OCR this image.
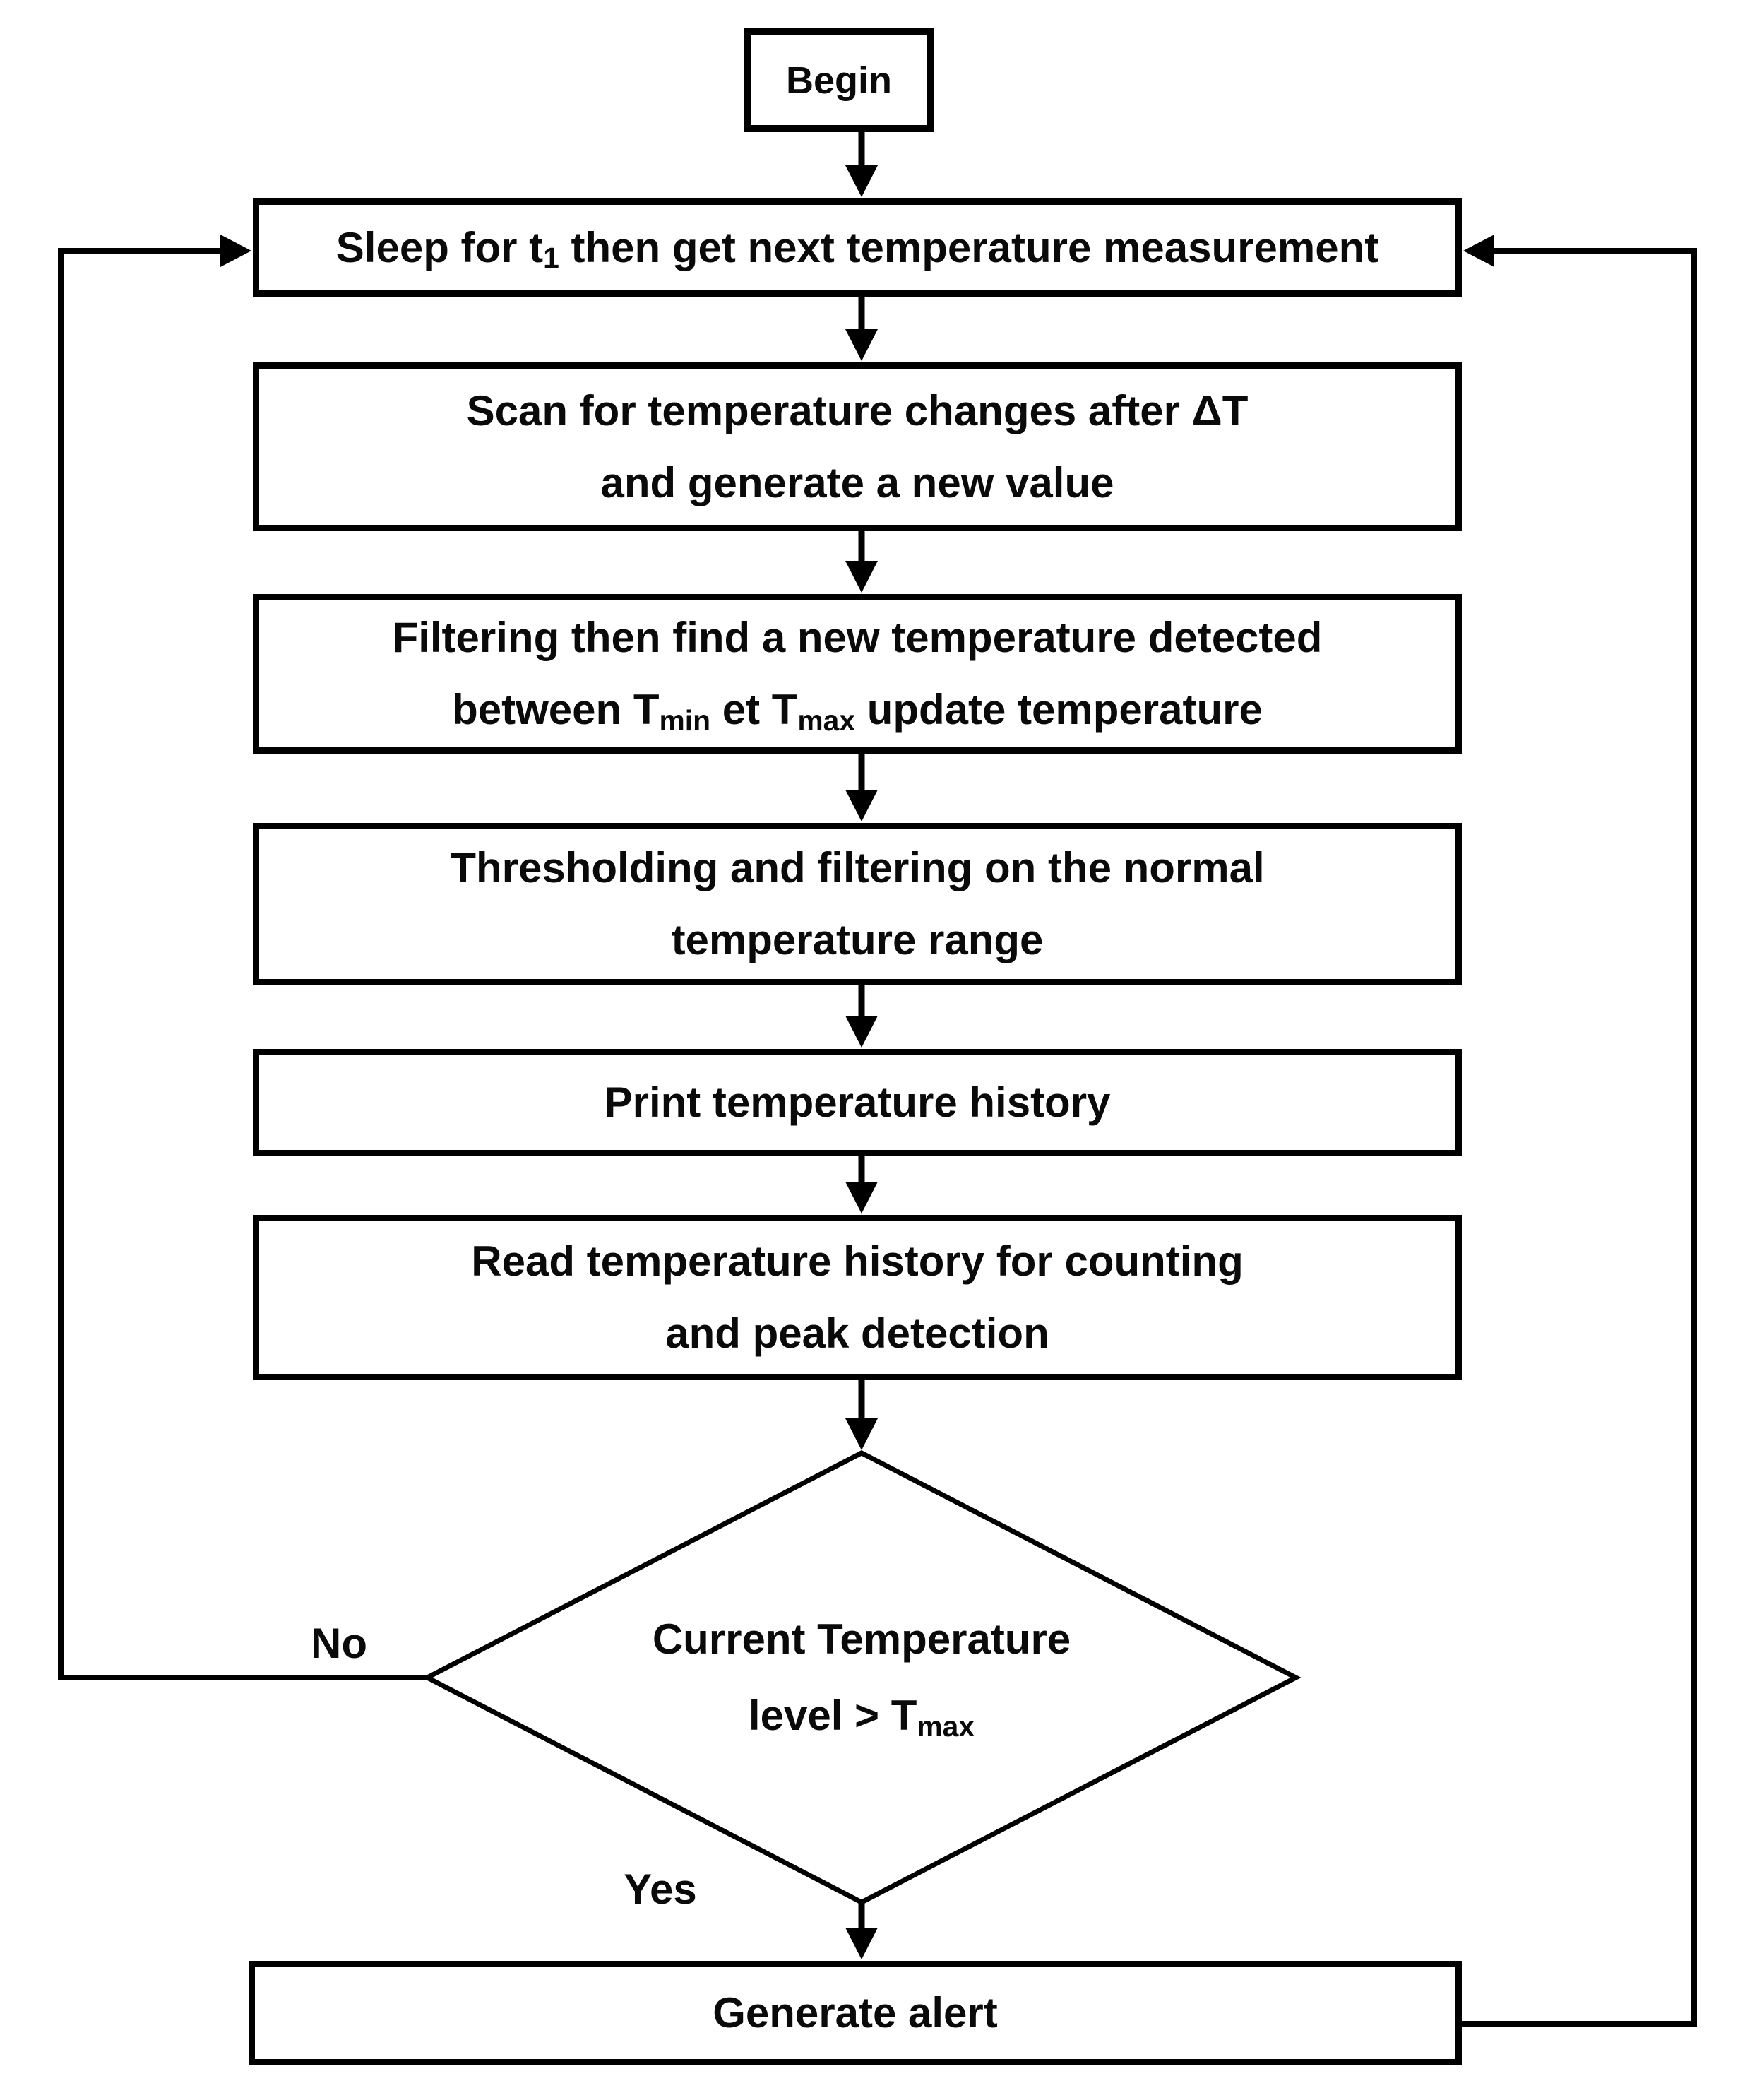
Begin
Sleep for $t_1$ then get next temperature measurement
Scan for temperature changes after ΔT
and generate a new value
Filtering then find a new temperature detected
between $T_{min}$ et $T_{max}$ update temperature
Thresholding and filtering on the normal
temperature range
Print temperature history
Read temperature history for counting
and peak detection
Current Temperature
level > $T_{max}$
No
Yes
Generate alert
